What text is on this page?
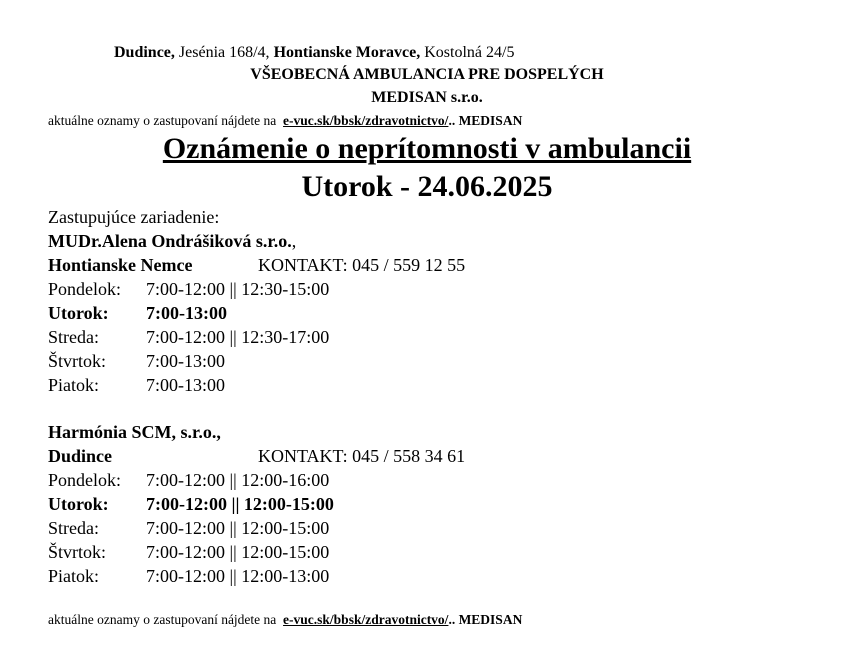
Dudince, Jesénia 168/4, Hontianske Moravce, Kostolná 24/5
VŠEOBECNÁ AMBULANCIA PRE DOSPELÝCH
MEDISAN s.r.o.
aktuálne oznamy o zastupovaní nájdete na e-vuc.sk/bbsk/zdravotnictvo/.. MEDISAN
Oznámenie o neprítomnosti v ambulancii
Utorok - 24.06.2025
Zastupujúce zariadenie:
MUDr.Alena Ondrášiková s.r.o.,
Hontianske Nemce	KONTAKT: 045 / 559 12 55
Pondelok: 7:00-12:00 || 12:30-15:00
Utorok: 7:00-13:00
Streda:	7:00-12:00 || 12:30-17:00
Štvrtok: 7:00-13:00
Piatok:	7:00-13:00
Harmónia SCM, s.r.o.,
Dudince	KONTAKT: 045 / 558 34 61
Pondelok: 7:00-12:00 || 12:00-16:00
Utorok: 7:00-12:00 || 12:00-15:00
Streda:	7:00-12:00 || 12:00-15:00
Štvrtok: 7:00-12:00 || 12:00-15:00
Piatok:	7:00-12:00 || 12:00-13:00
aktuálne oznamy o zastupovaní nájdete na e-vuc.sk/bbsk/zdravotnictvo/.. MEDISAN
